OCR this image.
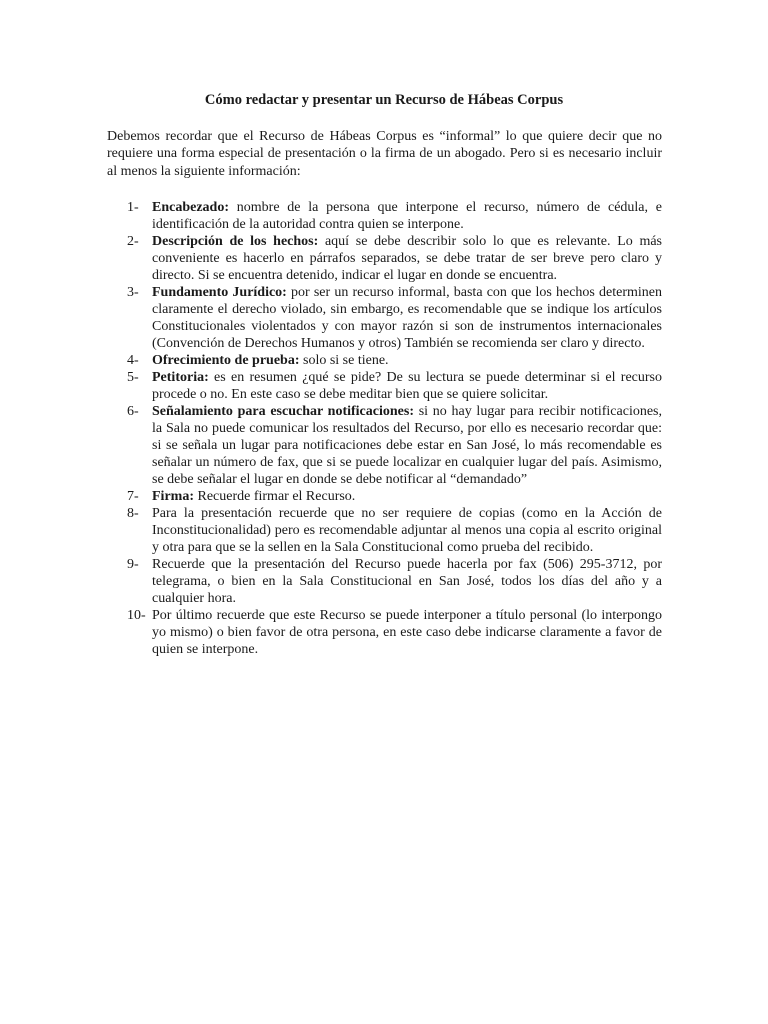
Cómo redactar y presentar un Recurso de Hábeas Corpus

Debemos recordar que el Recurso de Hábeas Corpus es “informal” lo que quiere decir que no requiere una forma especial de presentación o la firma de un abogado. Pero si es necesario incluir al menos la siguiente información:

1- Encabezado: nombre de la persona que interpone el recurso, número de cédula, e identificación de la autoridad contra quien se interpone.
2- Descripción de los hechos: aquí se debe describir solo lo que es relevante. Lo más conveniente es hacerlo en párrafos separados, se debe tratar de ser breve pero claro y directo. Si se encuentra detenido, indicar el lugar en donde se encuentra.
3- Fundamento Jurídico: por ser un recurso informal, basta con que los hechos determinen claramente el derecho violado, sin embargo, es recomendable que se indique los artículos Constitucionales violentados y con mayor razón si son de instrumentos internacionales (Convención de Derechos Humanos y otros) También se recomienda ser claro y directo.
4- Ofrecimiento de prueba: solo si se tiene.
5- Petitoria: es en resumen ¿qué se pide? De su lectura se puede determinar si el recurso procede o no. En este caso se debe meditar bien que se quiere solicitar.
6- Señalamiento para escuchar notificaciones: si no hay lugar para recibir notificaciones, la Sala no puede comunicar los resultados del Recurso, por ello es necesario recordar que: si se señala un lugar para notificaciones debe estar en San José, lo más recomendable es señalar un número de fax, que si se puede localizar en cualquier lugar del país. Asimismo, se debe señalar el lugar en donde se debe notificar al “demandado”
7- Firma: Recuerde firmar el Recurso.
8- Para la presentación recuerde que no ser requiere de copias (como en la Acción de Inconstitucionalidad) pero es recomendable adjuntar al menos una copia al escrito original y otra para que se la sellen en la Sala Constitucional como prueba del recibido.
9- Recuerde que la presentación del Recurso puede hacerla por fax (506) 295-3712, por telegrama, o bien en la Sala Constitucional en San José, todos los días del año y a cualquier hora.
10- Por último recuerde que este Recurso se puede interponer a título personal (lo interpongo yo mismo) o bien favor de otra persona, en este caso debe indicarse claramente a favor de quien se interpone.
